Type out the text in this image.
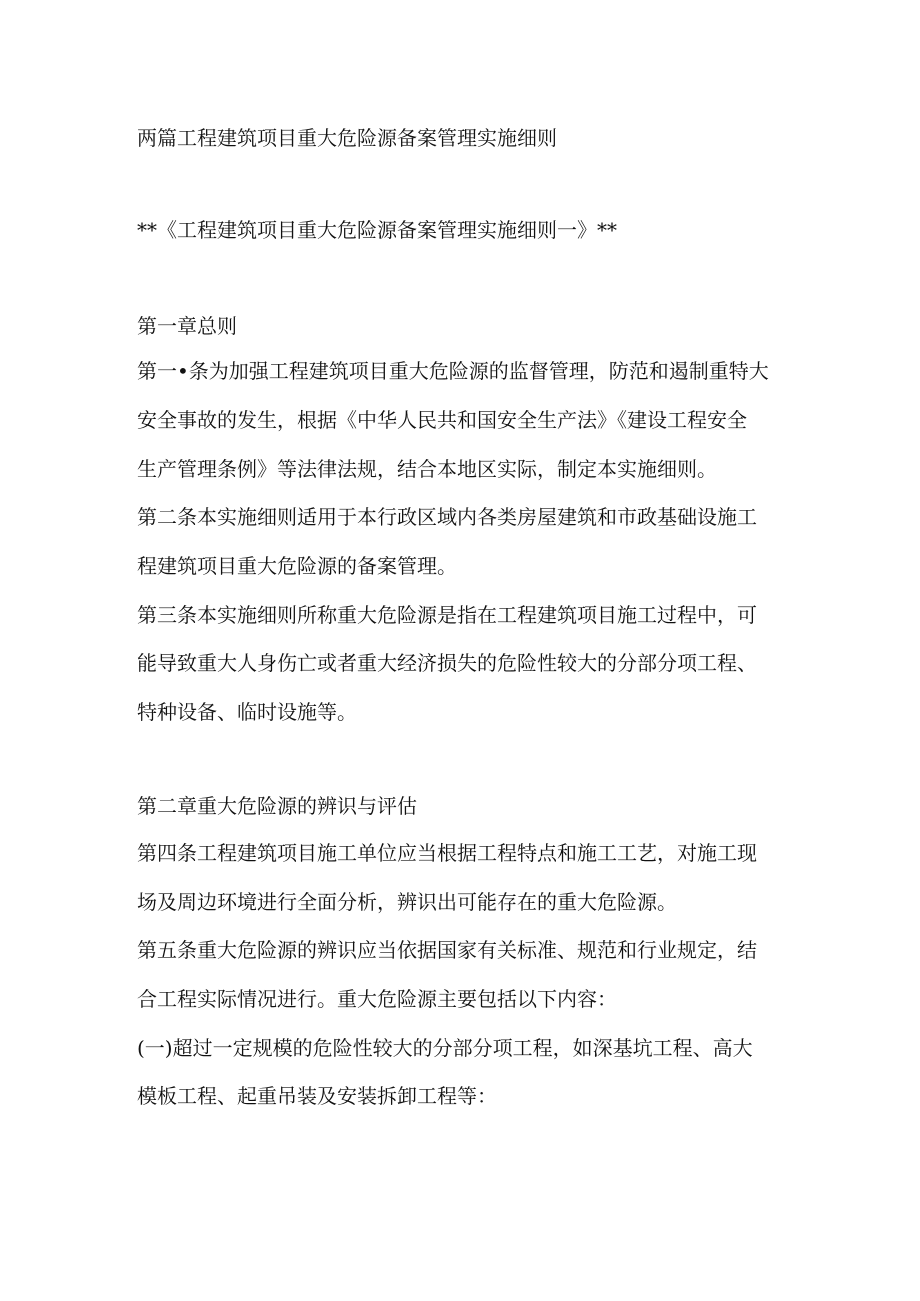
两篇工程建筑项目重大危险源备案管理实施细则
**《工程建筑项目重大危险源备案管理实施细则一》**
第一章总则
第一•条为加强工程建筑项目重大危险源的监督管理，防范和遏制重特大
安全事故的发生，根据《中华人民共和国安全生产法》《建设工程安全
生产管理条例》等法律法规，结合本地区实际，制定本实施细则。
第二条本实施细则适用于本行政区域内各类房屋建筑和市政基础设施工
程建筑项目重大危险源的备案管理。
第三条本实施细则所称重大危险源是指在工程建筑项目施工过程中，可
能导致重大人身伤亡或者重大经济损失的危险性较大的分部分项工程、
特种设备、临时设施等。
第二章重大危险源的辨识与评估
第四条工程建筑项目施工单位应当根据工程特点和施工工艺，对施工现
场及周边环境进行全面分析，辨识出可能存在的重大危险源。
第五条重大危险源的辨识应当依据国家有关标准、规范和行业规定，结
合工程实际情况进行。重大危险源主要包括以下内容：
(一)超过一定规模的危险性较大的分部分项工程，如深基坑工程、高大
模板工程、起重吊装及安装拆卸工程等：
